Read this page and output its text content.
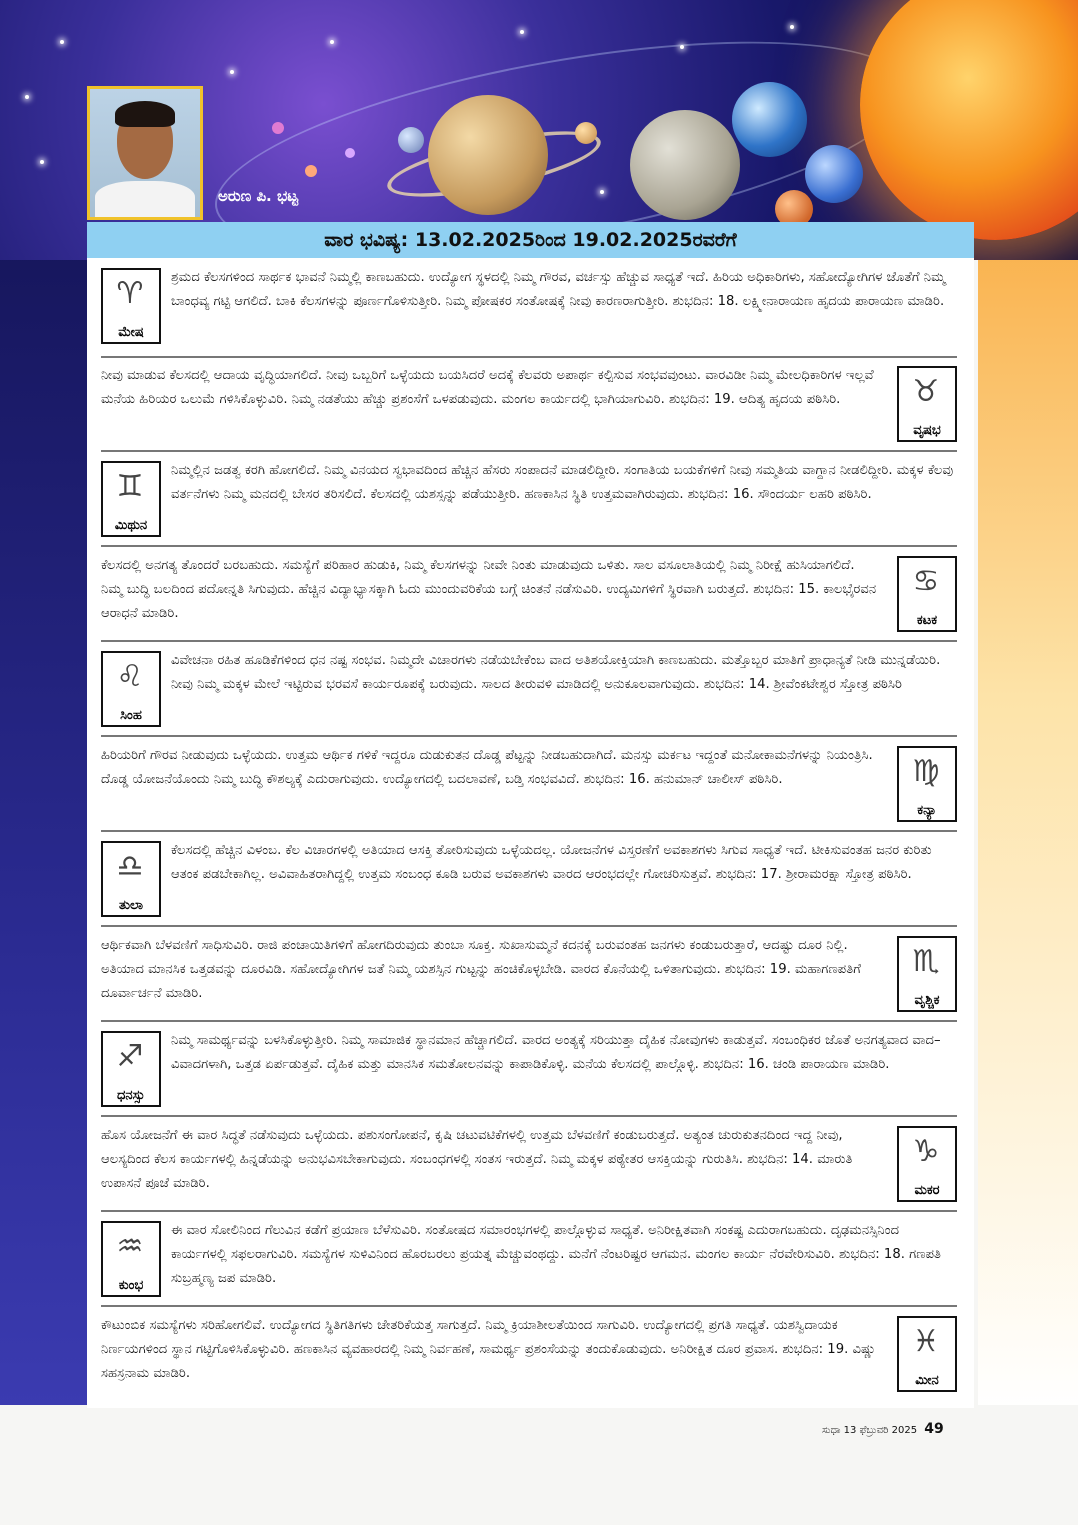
ಅರುಣ ಪಿ. ಭಟ್ಟ
ವಾರ ಭವಿಷ್ಯ: 13.02.2025ರಿಂದ 19.02.2025ರವರೆಗೆ
♈
ಮೇಷ
ಶ್ರಮದ ಕೆಲಸಗಳಿಂದ ಸಾರ್ಥಕ ಭಾವನೆ ನಿಮ್ಮಲ್ಲಿ ಕಾಣಬಹುದು. ಉದ್ಯೋಗ ಸ್ಥಳದಲ್ಲಿ ನಿಮ್ಮ ಗೌರವ, ವರ್ಚಸ್ಸು ಹೆಚ್ಚುವ ಸಾಧ್ಯತೆ ಇದೆ. ಹಿರಿಯ ಅಧಿಕಾರಿಗಳು, ಸಹೋದ್ಯೋಗಿಗಳ ಜೊತೆಗೆ ನಿಮ್ಮ ಬಾಂಧವ್ಯ ಗಟ್ಟಿ ಆಗಲಿದೆ. ಬಾಕಿ ಕೆಲಸಗಳನ್ನು ಪೂರ್ಣಗೊಳಿಸುತ್ತೀರಿ. ನಿಮ್ಮ ಪೋಷಕರ ಸಂತೋಷಕ್ಕೆ ನೀವು ಕಾರಣರಾಗುತ್ತೀರಿ. ಶುಭದಿನ: 18. ಲಕ್ಷ್ಮೀನಾರಾಯಣ ಹೃದಯ ಪಾರಾಯಣ ಮಾಡಿರಿ.
ನೀವು ಮಾಡುವ ಕೆಲಸದಲ್ಲಿ ಆದಾಯ ವೃದ್ಧಿಯಾಗಲಿದೆ. ನೀವು ಒಬ್ಬರಿಗೆ ಒಳ್ಳೆಯದು ಬಯಸಿದರೆ ಅದಕ್ಕೆ ಕೆಲವರು ಅಪಾರ್ಥ ಕಲ್ಪಿಸುವ ಸಂಭವವುಂಟು. ವಾರವಿಡೀ ನಿಮ್ಮ ಮೇಲಧಿಕಾರಿಗಳ ಇಲ್ಲವೆ ಮನೆಯ ಹಿರಿಯರ ಒಲುಮೆ ಗಳಿಸಿಕೊಳ್ಳುವಿರಿ. ನಿಮ್ಮ ನಡತೆಯು ಹೆಚ್ಚು ಪ್ರಶಂಸೆಗೆ ಒಳಪಡುವುದು. ಮಂಗಲ ಕಾರ್ಯದಲ್ಲಿ ಭಾಗಿಯಾಗುವಿರಿ. ಶುಭದಿನ: 19. ಆದಿತ್ಯ ಹೃದಯ ಪಠಿಸಿರಿ.	♉
ವೃಷಭ
♊
ಮಿಥುನ
ನಿಮ್ಮಲ್ಲಿನ ಜಡತ್ವ ಕರಗಿ ಹೋಗಲಿದೆ. ನಿಮ್ಮ ವಿನಯದ ಸ್ವಭಾವದಿಂದ ಹೆಚ್ಚಿನ ಹೆಸರು ಸಂಪಾದನೆ ಮಾಡಲಿದ್ದೀರಿ. ಸಂಗಾತಿಯ ಬಯಕೆಗಳಿಗೆ ನೀವು ಸಮ್ಮತಿಯ ವಾಗ್ದಾನ ನೀಡಲಿದ್ದೀರಿ. ಮಕ್ಕಳ ಕೆಲವು ವರ್ತನೆಗಳು ನಿಮ್ಮ ಮನದಲ್ಲಿ ಬೇಸರ ತರಿಸಲಿದೆ. ಕೆಲಸದಲ್ಲಿ ಯಶಸ್ಸನ್ನು ಪಡೆಯುತ್ತೀರಿ. ಹಣಕಾಸಿನ ಸ್ಥಿತಿ ಉತ್ತಮವಾಗಿರುವುದು. ಶುಭದಿನ: 16. ಸೌಂದರ್ಯ ಲಹರಿ ಪಠಿಸಿರಿ.
ಕೆಲಸದಲ್ಲಿ ಅನಗತ್ಯ ತೊಂದರೆ ಬರಬಹುದು. ಸಮಸ್ಯೆಗೆ ಪರಿಹಾರ ಹುಡುಕಿ, ನಿಮ್ಮ ಕೆಲಸಗಳನ್ನು ನೀವೇ ನಿಂತು ಮಾಡುವುದು ಒಳಿತು. ಸಾಲ ವಸೂಲಾತಿಯಲ್ಲಿ ನಿಮ್ಮ ನಿರೀಕ್ಷೆ ಹುಸಿಯಾಗಲಿದೆ. ನಿಮ್ಮ ಬುದ್ಧಿ ಬಲದಿಂದ ಪದೋನ್ನತಿ ಸಿಗುವುದು. ಹೆಚ್ಚಿನ ವಿದ್ಯಾಭ್ಯಾಸಕ್ಕಾಗಿ ಓದು ಮುಂದುವರಿಕೆಯ ಬಗ್ಗೆ ಚಿಂತನೆ ನಡೆಸುವಿರಿ. ಉದ್ಯಮಿಗಳಿಗೆ ಸ್ಥಿರವಾಗಿ ಬರುತ್ತದೆ. ಶುಭದಿನ: 15. ಕಾಲಭೈರವನ ಆರಾಧನೆ ಮಾಡಿರಿ.
♋
ಕಟಕ
♌
ಸಿಂಹ
ವಿವೇಚನಾ ರಹಿತ ಹೂಡಿಕೆಗಳಿಂದ ಧನ ನಷ್ಟ ಸಂಭವ. ನಿಮ್ಮದೇ ವಿಚಾರಗಳು ನಡೆಯಬೇಕೆಂಬ ವಾದ ಅತಿಶಯೋಕ್ತಿಯಾಗಿ ಕಾಣಬಹುದು. ಮತ್ತೊಬ್ಬರ ಮಾತಿಗೆ ಪ್ರಾಧಾನ್ಯತೆ ನೀಡಿ ಮುನ್ನಡೆಯಿರಿ. ನೀವು ನಿಮ್ಮ ಮಕ್ಕಳ ಮೇಲೆ ಇಟ್ಟಿರುವ ಭರವಸೆ ಕಾರ್ಯರೂಪಕ್ಕೆ ಬರುವುದು. ಸಾಲದ ತೀರುವಳಿ ಮಾಡಿದಲ್ಲಿ ಅನುಕೂಲವಾಗುವುದು. ಶುಭದಿನ: 14. ಶ್ರೀವೆಂಕಟೇಶ್ವರ ಸ್ತೋತ್ರ ಪಠಿಸಿರಿ
ಹಿರಿಯರಿಗೆ ಗೌರವ ನೀಡುವುದು ಒಳ್ಳೆಯದು. ಉತ್ತಮ ಆರ್ಥಿಕ ಗಳಿಕೆ ಇದ್ದರೂ ದುಡುಕುತನ ದೊಡ್ಡ ಪೆಟ್ಟನ್ನು ನೀಡಬಹುದಾಗಿದೆ. ಮನಸ್ಸು ಮರ್ಕಟ ಇದ್ದಂತೆ ಮನೋಕಾಮನೆಗಳನ್ನು ನಿಯಂತ್ರಿಸಿ. ದೊಡ್ಡ ಯೋಜನೆಯೊಂದು ನಿಮ್ಮ ಬುದ್ಧಿ ಕೌಶಲ್ಯಕ್ಕೆ ಎದುರಾಗುವುದು. ಉದ್ಯೋಗದಲ್ಲಿ ಬದಲಾವಣೆ, ಬಡ್ತಿ ಸಂಭವವಿದೆ. ಶುಭದಿನ: 16. ಹನುಮಾನ್ ಚಾಲೀಸ್ ಪಠಿಸಿರಿ.	♍
ಕನ್ಯಾ
♎
ತುಲಾ
ಕೆಲಸದಲ್ಲಿ ಹೆಚ್ಚಿನ ವಿಳಂಬ. ಕೆಲ ವಿಚಾರಗಳಲ್ಲಿ ಅತಿಯಾದ ಆಸಕ್ತಿ ತೋರಿಸುವುದು ಒಳ್ಳೆಯದಲ್ಲ. ಯೋಜನೆಗಳ ವಿಸ್ತರಣೆಗೆ ಅವಕಾಶಗಳು ಸಿಗುವ ಸಾಧ್ಯತೆ ಇದೆ. ಟೀಕಿಸುವಂತಹ ಜನರ ಕುರಿತು ಆತಂಕ ಪಡಬೇಕಾಗಿಲ್ಲ. ಅವಿವಾಹಿತರಾಗಿದ್ದಲ್ಲಿ ಉತ್ತಮ ಸಂಬಂಧ ಕೂಡಿ ಬರುವ ಅವಕಾಶಗಳು ವಾರದ ಆರಂಭದಲ್ಲೇ ಗೋಚರಿಸುತ್ತವೆ. ಶುಭದಿನ: 17. ಶ್ರೀರಾಮರಕ್ಷಾ ಸ್ತೋತ್ರ ಪಠಿಸಿರಿ.
ಆರ್ಥಿಕವಾಗಿ ಬೆಳವಣಿಗೆ ಸಾಧಿಸುವಿರಿ. ರಾಜಿ ಪಂಚಾಯಿತಿಗಳಿಗೆ ಹೋಗದಿರುವುದು ತುಂಬಾ ಸೂಕ್ತ. ಸುಖಾಸುಮ್ಮನೆ ಕದನಕ್ಕೆ ಬರುವಂತಹ ಜನಗಳು ಕಂಡುಬರುತ್ತಾರೆ, ಆದಷ್ಟು ದೂರ ನಿಲ್ಲಿ. ಅತಿಯಾದ ಮಾನಸಿಕ ಒತ್ತಡವನ್ನು ದೂರವಿಡಿ. ಸಹೋದ್ಯೋಗಿಗಳ ಜತೆ ನಿಮ್ಮ ಯಶಸ್ಸಿನ ಗುಟ್ಟನ್ನು ಹಂಚಿಕೊಳ್ಳಬೇಡಿ. ವಾರದ ಕೊನೆಯಲ್ಲಿ ಒಳಿತಾಗುವುದು. ಶುಭದಿನ: 19. ಮಹಾಗಣಪತಿಗೆ ದೂರ್ವಾರ್ಚನೆ ಮಾಡಿರಿ.
♏
ವೃಶ್ಚಿಕ
♐
ಧನಸ್ಸು
ನಿಮ್ಮ ಸಾಮರ್ಥ್ಯವನ್ನು ಬಳಸಿಕೊಳ್ಳುತ್ತೀರಿ. ನಿಮ್ಮ ಸಾಮಾಜಿಕ ಸ್ಥಾನಮಾನ ಹೆಚ್ಚಾಗಲಿದೆ. ವಾರದ ಅಂತ್ಯಕ್ಕೆ ಸರಿಯುತ್ತಾ ದೈಹಿಕ ನೋವುಗಳು ಕಾಡುತ್ತವೆ. ಸಂಬಂಧಿಕರ ಜೊತೆ ಅನಗತ್ಯವಾದ ವಾದ– ವಿವಾದಗಳಾಗಿ, ಒತ್ತಡ ಏರ್ಪಡುತ್ತವೆ. ದೈಹಿಕ ಮತ್ತು ಮಾನಸಿಕ ಸಮತೋಲನವನ್ನು ಕಾಪಾಡಿಕೊಳ್ಳಿ. ಮನೆಯ ಕೆಲಸದಲ್ಲಿ ಪಾಲ್ಗೊಳ್ಳಿ. ಶುಭದಿನ: 16. ಚಂಡಿ ಪಾರಾಯಣ ಮಾಡಿರಿ.
ಹೊಸ ಯೋಜನೆಗೆ ಈ ವಾರ ಸಿದ್ಧತೆ ನಡೆಸುವುದು ಒಳ್ಳೆಯದು. ಪಶುಸಂಗೋಪನೆ, ಕೃಷಿ ಚಟುವಟಿಕೆಗಳಲ್ಲಿ ಉತ್ತಮ ಬೆಳವಣಿಗೆ ಕಂಡುಬರುತ್ತದೆ. ಅತ್ಯಂತ ಚುರುಕುತನದಿಂದ ಇದ್ದ ನೀವು, ಆಲಸ್ಯದಿಂದ ಕೆಲಸ ಕಾರ್ಯಗಳಲ್ಲಿ ಹಿನ್ನಡೆಯನ್ನು ಅನುಭವಿಸಬೇಕಾಗುವುದು. ಸಂಬಂಧಗಳಲ್ಲಿ ಸಂತಸ ಇರುತ್ತದೆ. ನಿಮ್ಮ ಮಕ್ಕಳ ಪಠ್ಯೇತರ ಆಸಕ್ತಿಯನ್ನು ಗುರುತಿಸಿ. ಶುಭದಿನ: 14. ಮಾರುತಿ ಉಪಾಸನೆ ಪೂಜೆ ಮಾಡಿರಿ.
♑
ಮಕರ
♒
ಕುಂಭ
ಈ ವಾರ ಸೋಲಿನಿಂದ ಗೆಲುವಿನ ಕಡೆಗೆ ಪ್ರಯಾಣ ಬೆಳೆಸುವಿರಿ. ಸಂತೋಷದ ಸಮಾರಂಭಗಳಲ್ಲಿ ಪಾಲ್ಗೊಳ್ಳುವ ಸಾಧ್ಯತೆ. ಅನಿರೀಕ್ಷಿತವಾಗಿ ಸಂಕಷ್ಟ ಎದುರಾಗಬಹುದು. ದೃಢಮನಸ್ಸಿನಿಂದ ಕಾರ್ಯಗಳಲ್ಲಿ ಸಫಲರಾಗುವಿರಿ. ಸಮಸ್ಯೆಗಳ ಸುಳಿವಿನಿಂದ ಹೊರಬರಲು ಪ್ರಯತ್ನ ಮೆಚ್ಚುವಂಥದ್ದು. ಮನೆಗೆ ನೆಂಟರಿಷ್ಟರ ಆಗಮನ. ಮಂಗಲ ಕಾರ್ಯ ನೆರವೇರಿಸುವಿರಿ. ಶುಭದಿನ: 18. ಗಣಪತಿ ಸುಬ್ರಹ್ಮಣ್ಯ ಜಪ ಮಾಡಿರಿ.
ಕೌಟುಂಬಿಕ ಸಮಸ್ಯೆಗಳು ಸರಿಹೋಗಲಿವೆ. ಉದ್ಯೋಗದ ಸ್ಥಿತಿಗತಿಗಳು ಚೇತರಿಕೆಯತ್ತ ಸಾಗುತ್ತದೆ. ನಿಮ್ಮ ಕ್ರಿಯಾಶೀಲತೆಯಿಂದ ಸಾಗುವಿರಿ. ಉದ್ಯೋಗದಲ್ಲಿ ಪ್ರಗತಿ ಸಾಧ್ಯತೆ. ಯಶಸ್ವಿದಾಯಕ ನಿರ್ಣಯಗಳಿಂದ ಸ್ಥಾನ ಗಟ್ಟಿಗೊಳಿಸಿಕೊಳ್ಳುವಿರಿ. ಹಣಕಾಸಿನ ವ್ಯವಹಾರದಲ್ಲಿ ನಿಮ್ಮ ನಿರ್ವಹಣೆ, ಸಾಮರ್ಥ್ಯ ಪ್ರಶಂಸೆಯನ್ನು ತಂದುಕೊಡುವುದು. ಅನಿರೀಕ್ಷಿತ ದೂರ ಪ್ರವಾಸ. ಶುಭದಿನ: 19. ವಿಷ್ಣು ಸಹಸ್ರನಾಮ ಮಾಡಿರಿ.
♓
ಮೀನ
ಸುಧಾ 13 ಫೆಬ್ರುವರಿ 2025 49
